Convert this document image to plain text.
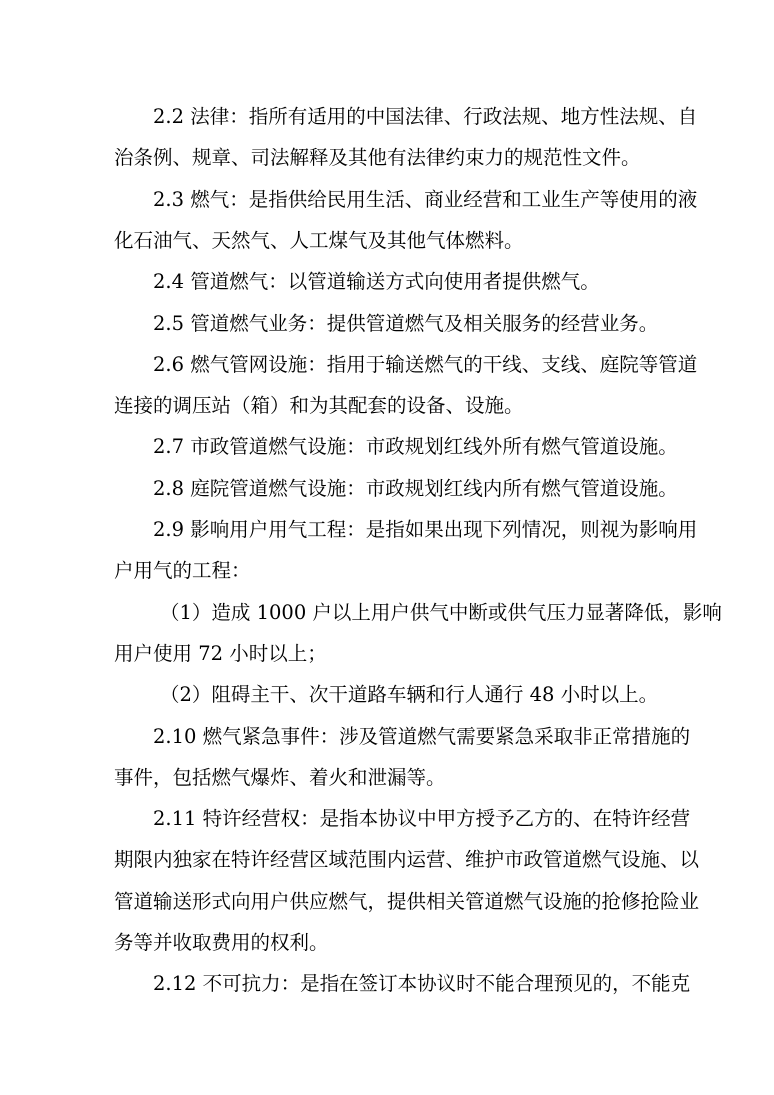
2.2 法律：指所有适用的中国法律、行政法规、地方性法规、自
治条例、规章、司法解释及其他有法律约束力的规范性文件。
2.3 燃气：是指供给民用生活、商业经营和工业生产等使用的液
化石油气、天然气、人工煤气及其他气体燃料。
2.4 管道燃气：以管道输送方式向使用者提供燃气。
2.5 管道燃气业务：提供管道燃气及相关服务的经营业务。
2.6 燃气管网设施：指用于输送燃气的干线、支线、庭院等管道
连接的调压站（箱）和为其配套的设备、设施。
2.7 市政管道燃气设施：市政规划红线外所有燃气管道设施。
2.8 庭院管道燃气设施：市政规划红线内所有燃气管道设施。
2.9 影响用户用气工程：是指如果出现下列情况，则视为影响用
户用气的工程：
（1）造成 1000 户以上用户供气中断或供气压力显著降低，影响
用户使用 72 小时以上；
（2）阻碍主干、次干道路车辆和行人通行 48 小时以上。
2.10 燃气紧急事件：涉及管道燃气需要紧急采取非正常措施的
事件，包括燃气爆炸、着火和泄漏等。
2.11 特许经营权：是指本协议中甲方授予乙方的、在特许经营
期限内独家在特许经营区域范围内运营、维护市政管道燃气设施、以
管道输送形式向用户供应燃气，提供相关管道燃气设施的抢修抢险业
务等并收取费用的权利。
2.12 不可抗力：是指在签订本协议时不能合理预见的，不能克
